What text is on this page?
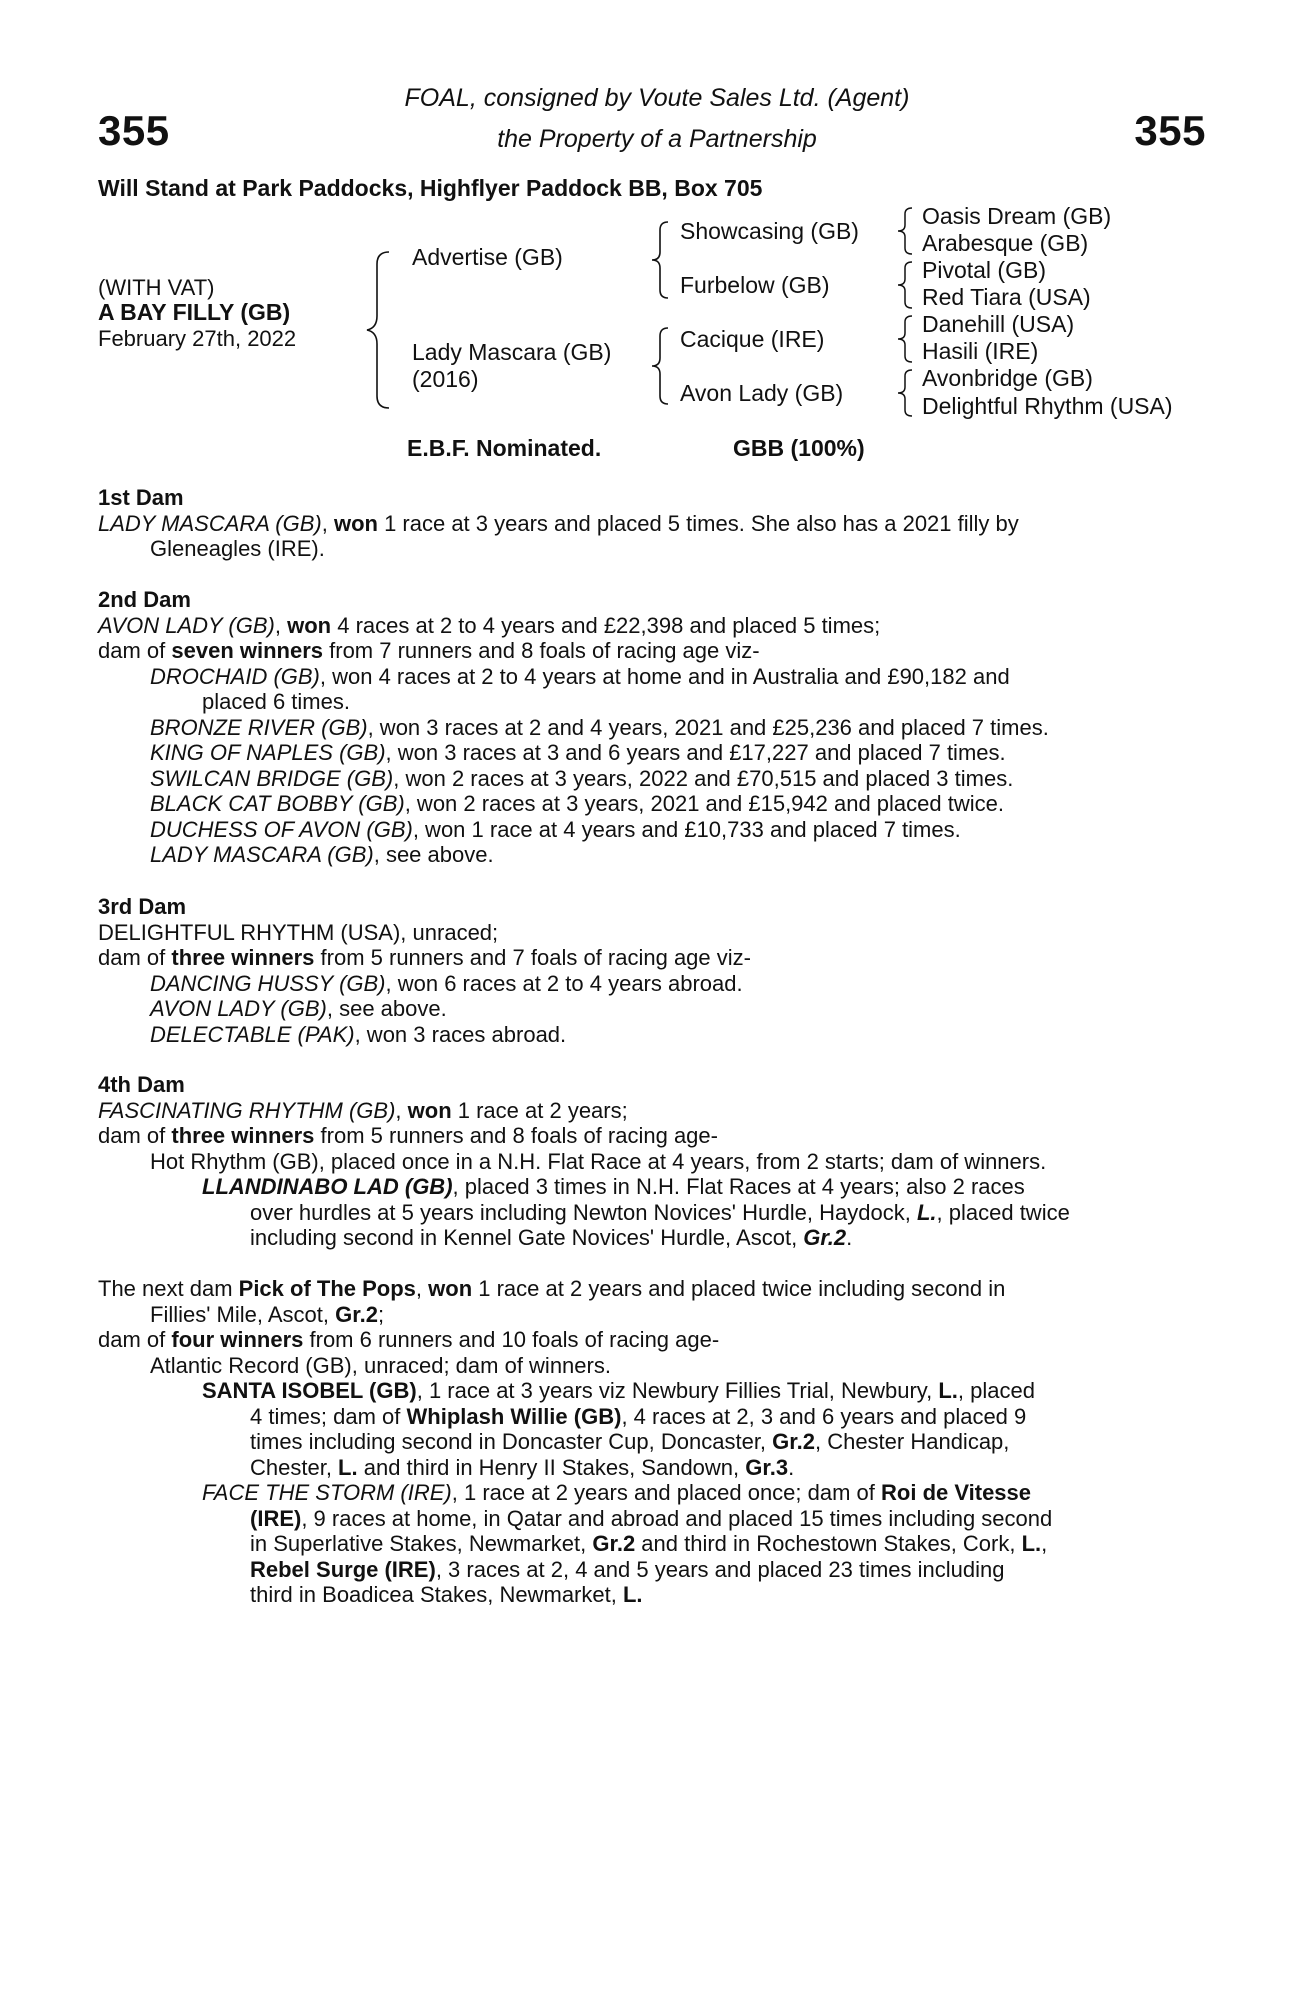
FOAL, consigned by Voute Sales Ltd. (Agent)
the Property of a Partnership
355	355
Will Stand at Park Paddocks, Highflyer Paddock BB, Box 705
(WITH VAT)
A BAY FILLY (GB)
February 27th, 2022
Advertise (GB)
Lady Mascara (GB)
(2016)
Showcasing (GB)
Furbelow (GB)
Cacique (IRE)
Avon Lady (GB)
Oasis Dream (GB)
Arabesque (GB)
Pivotal (GB)
Red Tiara (USA)
Danehill (USA)
Hasili (IRE)
Avonbridge (GB)
Delightful Rhythm (USA)
E.B.F. Nominated.	GBB (100%)
1st Dam
LADY MASCARA (GB), won 1 race at 3 years and placed 5 times. She also has a 2021 filly by
Gleneagles (IRE).
2nd Dam
AVON LADY (GB), won 4 races at 2 to 4 years and £22,398 and placed 5 times;
dam of seven winners from 7 runners and 8 foals of racing age viz-
DROCHAID (GB), won 4 races at 2 to 4 years at home and in Australia and £90,182 and
placed 6 times.
BRONZE RIVER (GB), won 3 races at 2 and 4 years, 2021 and £25,236 and placed 7 times.
KING OF NAPLES (GB), won 3 races at 3 and 6 years and £17,227 and placed 7 times.
SWILCAN BRIDGE (GB), won 2 races at 3 years, 2022 and £70,515 and placed 3 times.
BLACK CAT BOBBY (GB), won 2 races at 3 years, 2021 and £15,942 and placed twice.
DUCHESS OF AVON (GB), won 1 race at 4 years and £10,733 and placed 7 times.
LADY MASCARA (GB), see above.
3rd Dam
DELIGHTFUL RHYTHM (USA), unraced;
dam of three winners from 5 runners and 7 foals of racing age viz-
DANCING HUSSY (GB), won 6 races at 2 to 4 years abroad.
AVON LADY (GB), see above.
DELECTABLE (PAK), won 3 races abroad.
4th Dam
FASCINATING RHYTHM (GB), won 1 race at 2 years;
dam of three winners from 5 runners and 8 foals of racing age-
Hot Rhythm (GB), placed once in a N.H. Flat Race at 4 years, from 2 starts; dam of winners.
LLANDINABO LAD (GB), placed 3 times in N.H. Flat Races at 4 years; also 2 races
over hurdles at 5 years including Newton Novices' Hurdle, Haydock, L., placed twice
including second in Kennel Gate Novices' Hurdle, Ascot, Gr.2.
The next dam Pick of The Pops, won 1 race at 2 years and placed twice including second in
Fillies' Mile, Ascot, Gr.2;
dam of four winners from 6 runners and 10 foals of racing age-
Atlantic Record (GB), unraced; dam of winners.
SANTA ISOBEL (GB), 1 race at 3 years viz Newbury Fillies Trial, Newbury, L., placed
4 times; dam of Whiplash Willie (GB), 4 races at 2, 3 and 6 years and placed 9
times including second in Doncaster Cup, Doncaster, Gr.2, Chester Handicap,
Chester, L. and third in Henry II Stakes, Sandown, Gr.3.
FACE THE STORM (IRE), 1 race at 2 years and placed once; dam of Roi de Vitesse
(IRE), 9 races at home, in Qatar and abroad and placed 15 times including second
in Superlative Stakes, Newmarket, Gr.2 and third in Rochestown Stakes, Cork, L.,
Rebel Surge (IRE), 3 races at 2, 4 and 5 years and placed 23 times including
third in Boadicea Stakes, Newmarket, L.
